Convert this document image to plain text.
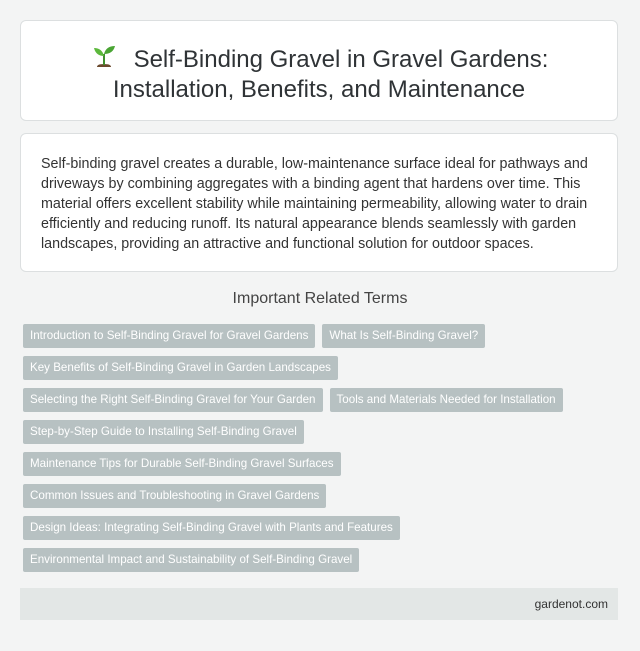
Self-Binding Gravel in Gravel Gardens:
Installation, Benefits, and Maintenance

Self-binding gravel creates a durable, low-maintenance surface ideal for pathways and driveways by combining aggregates with a binding agent that hardens over time. This material offers excellent stability while maintaining permeability, allowing water to drain efficiently and reducing runoff. Its natural appearance blends seamlessly with garden landscapes, providing an attractive and functional solution for outdoor spaces.

Important Related Terms
Introduction to Self-Binding Gravel for Gravel Gardens	What Is Self-Binding Gravel?
Key Benefits of Self-Binding Gravel in Garden Landscapes
Selecting the Right Self-Binding Gravel for Your Garden	Tools and Materials Needed for Installation
Step-by-Step Guide to Installing Self-Binding Gravel
Maintenance Tips for Durable Self-Binding Gravel Surfaces
Common Issues and Troubleshooting in Gravel Gardens
Design Ideas: Integrating Self-Binding Gravel with Plants and Features
Environmental Impact and Sustainability of Self-Binding Gravel
gardenot.com
